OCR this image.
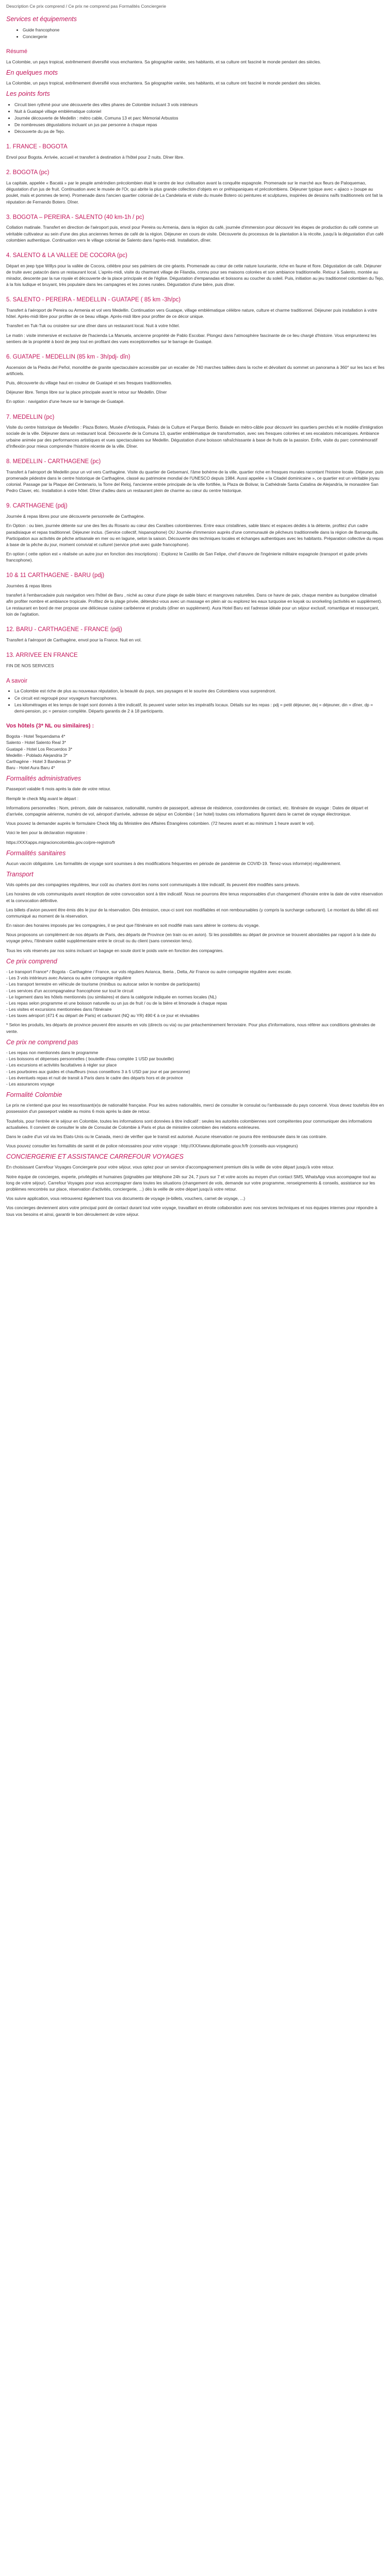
Description Ce prix comprend / Ce prix ne comprend pas Formalités Conciergerie
Services et équipements
• Guide francophone
• Conciergerie
Résumé

La Colombie, un pays tropical, extrêmement diversifié vous enchantera. Sa géographie variée, ses habitants, et sa culture ont fasciné le monde pendant des siècles.

En quelques mots

La Colombie, un pays tropical, extrêmement diversifié vous enchantera. Sa géographie variée, ses habitants, et sa culture ont fasciné le monde pendant des siècles.

Les points forts
• Circuit bien rythmé pour une découverte des villes phares de Colombie incluant 3 vols intérieurs
• Nuit à Guatapé village emblématique coloniel
• Journée découverte de Medellin : métro cable, Comuna 13 et parc Mémorial Arbustos
• De nombreuses dégustations incluant un jus par personne à chaque repas
• Découverte du pa de Tejo.
1. FRANCE - BOGOTA

Envol pour Bogota. Arrivée, accueil et transfert à destination à l'hôtel pour 2 nuits. Dîner libre.

2. BOGOTA (pc)

La capitale, appelée « Bacatá » par le peuple amérindien précolombien était le centre de leur civilisation avant la conquête espagnole. Promenade sur le marché aux fleurs de Paloquemao, dégustation d'un jus de fruit. Continuation avec le musée de l'Or, qui abrite la plus grande collection d'objets en or préhispaniques et précolombiens. Déjeuner typique avec « ajiaco » (soupe au poulet, maïs et pommes de terre). Promenade dans l'ancien quartier colonial de La Candelaria et visite du musée Botero où peintures et sculptures, inspirées de dessins naïfs traditionnels ont fait la réputation de Fernando Botero. Dîner.

3. BOGOTA – PEREIRA - SALENTO (40 km-1h / pc)

Collation matinale. Transfert en direction de l'aéroport puis, envol pour Pereira ou Armenia, dans la région du café, journée d'immersion pour découvrir les étapes de production du café comme un véritable cultivateur au sein d'une des plus anciennes fermes de café de la région. Déjeuner en cours de visite. Découverte du processus de la plantation à la récolte, jusqu'à la dégustation d'un café colombien authentique. Continuation vers le village colonial de Salento dans l'après-midi. Installation, dîner.

4. SALENTO & LA VALLEE DE COCORA (pc)

Départ en jeep type Willys pour la vallée de Cocora, célèbre pour ses palmiers de cire géants. Promenade au cœur de cette nature luxuriante, riche en faune et flore. Dégustation de café. Déjeuner de truite avec patacón dans un restaurant local. L'après-midi, visite du charmant village de Filandia, connu pour ses maisons colorées et son ambiance traditionnelle. Retour à Salento, montée au mirador, descente par la rue royale et découverte de la place principale et de l'église. Dégustation d'empanadas et boissons au coucher du soleil. Puis, initiation au jeu traditionnel colombien du Tejo, à la fois ludique et bruyant, très populaire dans les campagnes et les zones rurales. Dégustation d'une bière, puis dîner.

5. SALENTO - PEREIRA - MEDELLIN - GUATAPE ( 85 km -3h/pc)

Transfert à l'aéroport de Pereira ou Armenia et vol vers Medellin. Continuation vers Guatape, village emblématique célèbre nature, culture et charme traditionnel. Déjeuner puis installation à votre hôtel. Après-midi libre pour profiter de ce beau village. Après-midi libre pour profiter de ce décor unique.

Transfert en Tuk-Tuk ou croisière sur une dîner dans un restaurant local. Nuit à votre hôtel.

Le matin : visite immersive et exclusive de l'hacienda La Manuela, ancienne propriété de Pablo Escobar. Plongez dans l'atmosphère fascinante de ce lieu chargé d'histoire. Vous emprunterez les sentiers de la propriété à bord de jeep tout en profitant des vues exceptionnelles sur le barrage de Guatapé.

6. GUATAPE - MEDELLIN (85 km - 3h/pdj- dîn)

Ascension de la Piedra del Peñol, monolithe de granite spectaculaire accessible par un escalier de 740 marches taillées dans la roche et dévoilant du sommet un panorama à 360° sur les lacs et îles artificiels.

Puis, découverte du village haut en couleur de Guatapé et ses fresques traditionnelles.

Déjeuner libre. Temps libre sur la place principale avant le retour sur Medellin. Dîner

En option : navigation d'une heure sur le barrage de Guatapé.

7. MEDELLIN (pc)

Visite du centre historique de Medellin : Plaza Botero, Musée d'Antioquia, Palais de la Culture et Parque Berrio. Balade en métro-câble pour découvrir les quartiers perchés et le modèle d'intégration sociale de la ville. Déjeuner dans un restaurant local. Découverte de la Comuna 13, quartier emblématique de transformation, avec ses fresques colorées et ses escalators mécaniques. Ambiance urbaine animée par des performances artistiques et vues spectaculaires sur Medellin. Dégustation d'une boisson rafraîchissante à base de fruits de la passion. Enfin, visite du parc commémoratif d'Inflexión pour mieux comprendre l'histoire récente de la ville. Dîner.

8. MEDELLIN - CARTHAGENE (pc)

Transfert à l'aéroport de Medellin pour un vol vers Carthagène. Visite du quartier de Getsemaní, l'âme bohème de la ville, quartier riche en fresques murales racontant l'histoire locale. Déjeuner, puis promenade pédestre dans le centre historique de Carthagène, classé au patrimoine mondial de l'UNESCO depuis 1984. Aussi appelée « la Citadel dominicaine », ce quartier est un véritable joyau colonial. Passage par la Plaque del Centenario, la Torre del Reloj, l'ancienne entrée principale de la ville fortifiée, la Plaza de Bolivar, la Cathédrale Santa Catalina de Alejandría, le monastère San Pedro Claver, etc. Installation à votre hôtel. Dîner d'adieu dans un restaurant plein de charme au cœur du centre historique.

9. CARTHAGENE (pdj)

Journée & repas libres pour une découverte personnelle de Carthagène.

En Option : ou bien, journée détente sur une des îles du Rosario au cœur des Caraïbes colombiennes. Entre eaux cristallines, sable blanc et espaces dédiés à la détente, profitez d'un cadre paradisiaque et repas traditionnel. Déjeuner inclus. (Service collectif, hispanophone) OU Journée d'immersion auprès d'une communauté de pêcheurs traditionnelle dans la région de Barranquilla. Participation aux activités de pêche artisanale en mer ou en lagune, selon la saison. Découverte des techniques locales et échanges authentiques avec les habitants. Préparation collective du repas à base de la pêche du jour, moment convivial et culturel (service privé avec guide francophone).

En option ( cette option est « réalisée un autre jour en fonction des inscriptions) : Explorez le Castillo de San Felipe, chef d'œuvre de l'ingénierie militaire espagnole (transport et guide privés francophone).

10 & 11 CARTHAGENE - BARU (pdj)

Journées & repas libres

transfert à l'embarcadaire puis navigation vers l'hôtel de Baru , niché au cœur d'une plage de sable blanc et mangroves naturelles. Dans ce havre de paix, chaque membre au bungalow climatisé afin profiter nombre et ambiance tropicale. Profitez de la plage privée, détendez-vous avec un massage en plein air ou explorez les eaux turquoise en kayak ou snorkeling (activités en supplément). Le restaurant en bord de mer propose une délicieuse cuisine caribéenne et produits (dîner en supplément). Aura Hotel Baru est l'adresse idéale pour un séjour exclusif, romantique et ressourçant, loin de l'agitation.

12. BARU - CARTHAGENE - FRANCE (pdj)

Transfert à l'aéroport de Carthagène, envol pour la France. Nuit en vol.

13. ARRIVEE EN FRANCE

FIN DE NOS SERVICES

A savoir
• La Colombie est riche de plus au nouveaux réputation, la beauté du pays, ses paysages et le sourire des Colombiens vous surprendront.
• Ce circuit est regroupé pour voyageurs francophones.
• Les kilométrages et les temps de trajet sont donnés à titre indicatif, ils peuvent varier selon les impératifs locaux. Détails sur les repas : pdj = petit déjeuner, dej = déjeuner, din = dîner, dp = demi-pension, pc = pension complète. Départs garantis de 2 à 18 participants.
Vos hôtels (3* NL ou similaires) :
Bogota - Hotel Tequendama 4*
Salento - Hotel Salento Real 3*
Guatapé - Hotel Los Recuerdos 3*
Medellin - Poblado Alejandria 3*
Carthagène - Hotel 3 Banderas 3*
Baru - Hotel Aura Baru 4*
Formalités administratives

Passeport valable 6 mois après la date de votre retour.

Remplir le check Mig avant le départ :

Informations personnelles : Nom, prénom, date de naissance, nationalité, numéro de passeport, adresse de résidence, coordonnées de contact, etc. Itinéraire de voyage : Dates de départ et d'arrivée, compagnie aérienne, numéro de vol, aéroport d'arrivée, adresse de séjour en Colombie ( 1er hotel) toutes ces informations figurent dans le carnet de voyage électronique.

Vous pouvez la demander auprès le formulaire Check Mig du Ministère des Affaires Étrangères colombien. (72 heures avant et au minimum 1 heure avant le vol).

Voici le lien pour la déclaration migratoire :

https://XXXapps.migracioncolombia.gov.co/pre-registro/fr

Formalités sanitaires

Aucun vaccin obligatoire. Les formalités de voyage sont soumises à des modifications fréquentes en période de pandémie de COVID-19. Tenez-vous informé(e) régulièrement.

Transport

Vols opérés par des compagnies régulières, leur coût au charters dont les noms sont communiqués à titre indicatif, ils peuvent être modifiés sans préavis.

Les horaires de vols communiqués avant réception de votre convocation sont à titre indicatif. Nous ne pourrons être tenus responsables d'un changement d'horaire entre la date de votre réservation et la convocation définitive.

Les billets d'avion peuvent être émis dès le jour de la réservation. Dès émission, ceux-ci sont non modifiables et non remboursables (y compris la surcharge carburant). Le montant du billet dû est communiqué au moment de la réservation.

En raison des horaires imposés par les compagnies, il se peut que l'itinéraire en soit modifié mais sans altérer le contenu du voyage.

Nous proposons un complément de nos départs de Paris, des départs de Province (en train ou en avion). Si les possibilités au départ de province se trouvent abordables par rapport à la date du voyage prévu, l'itinéraire oublié supplémentaire entre le circuit ou du client (sans connexion tenu).

Tous les vols réservés par nos soins incluant un bagage en soute dont le poids varie en fonction des compagnies.

Ce prix comprend
- Le transport France* / Bogota - Carthagène / France, sur vols réguliers Avianca, Iberia , Delta, Air France ou autre compagnie régulière avec escale.
- Les 3 vols intérieurs avec Avianca ou autre compagnie régulière
- Les transport terrestre en véhicule de tourisme (minibus ou autocar selon le nombre de participants)
- Les services d'un accompagnateur francophone sur tout le circuit
- Le logement dans les hôtels mentionnés (ou similaires) et dans la catégorie indiquée en normes locales (NL)
- Les repas selon programme et une boisson naturelle ou un jus de fruit / ou de la bière et limonade à chaque repas
- Les visites et excursions mentionnées dans l'itinéraire
- Les taxes aéroport (471 € au départ de Paris) et carburant (NQ au YR) 490 € à ce jour et révisables

* Selon les produits, les départs de province peuvent être assurés en vols (directs ou via) ou par préacheminement ferroviaire. Pour plus d'informations, nous référer aux conditions générales de vente.

Ce prix ne comprend pas
- Les repas non mentionnés dans le programme
- Les boissons et dépenses personnelles ( bouteille d'eau comptée 1 USD par bouteille)
- Les excursions et activités facultatives à régler sur place
- Les pourboires aux guides et chauffeurs (nous conseillons 3 à 5 USD par jour et par personne)
- Les éventuels repas et nuit de transit à Paris dans le cadre des départs hors et de province
- Les assurances voyage
Formalité Colombie

Le prix ne s'entend que pour les ressortissant(e)s de nationalité française. Pour les autres nationalités, merci de consulter le consulat ou l'ambassade du pays concerné. Vous devez toutefois être en possession d'un passeport valable au moins 6 mois après la date de retour.

Toutefois, pour l'entrée et le séjour en Colombie, toutes les informations sont données à titre indicatif : seules les autorités colombiennes sont compétentes pour communiquer des informations actualisées. Il convient de consulter le site de Consulat de Colombie à Paris et plus de ministère colombien des relations extérieures.

Dans le cadre d'un vol via les Etats-Unis ou le Canada, merci de vérifier que le transit est autorisé. Aucune réservation ne pourra être remboursée dans le cas contraire.

Vous pouvez consulter les formalités de santé et de police nécessaires pour votre voyage : http://XXXwww.diplomatie.gouv.fr/fr (conseils-aux-voyageurs)

CONCIERGERIE ET ASSISTANCE CARREFOUR VOYAGES

En choisissant Carrefour Voyages Conciergerie pour votre séjour, vous optez pour un service d'accompagnement premium dès la veille de votre départ jusqu'à votre retour.

Notre équipe de concierges, experte, privilégiés et humaines (joignables par téléphone 24h sur 24, 7 jours sur 7 et votre accès au moyen d'un contact SMS, WhatsApp vous accompagne tout au long de votre séjour). Carrefour Voyages pour vous accompagner dans toutes les situations (changement de vols, demande sur votre programme, renseignements & conseils, assistance sur les problèmes rencontrés sur place, réservation d'activités, conciergerie, ...) dès la veille de votre départ jusqu'à votre retour.

Vos suivre application, vous retrouverez également tous vos documents de voyage (e-billets, vouchers, carnet de voyage, ...)

Vos concierges deviennent alors votre principal point de contact durant tout votre voyage, travaillant en étroite collaboration avec nos services techniques et nos équipes internes pour répondre à tous vos besoins et ainsi, garantir le bon déroulement de votre séjour.
